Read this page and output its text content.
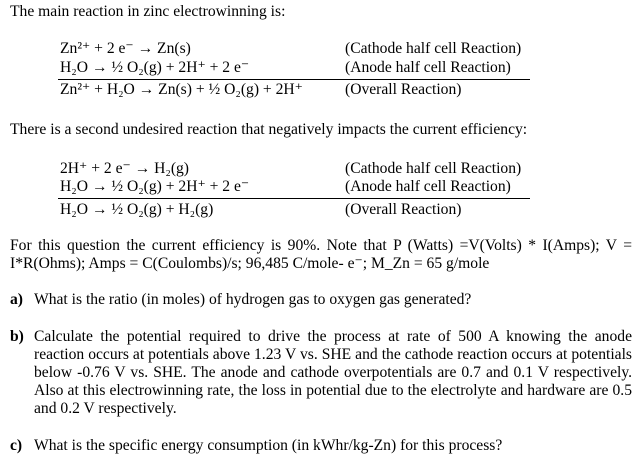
The main reaction in zinc electrowinning is:
Zn²⁺ + 2 e⁻ → Zn(s)	(Cathode half cell Reaction)
H₂O → ½ O₂(g) + 2H⁺ + 2 e⁻	(Anode half cell Reaction)
Zn²⁺ + H₂O → Zn(s) + ½ O₂(g) + 2H⁺	(Overall Reaction)
There is a second undesired reaction that negatively impacts the current efficiency:
2H⁺ + 2 e⁻ → H₂(g)	(Cathode half cell Reaction)
H₂O → ½ O₂(g) + 2H⁺ + 2 e⁻	(Anode half cell Reaction)
H₂O → ½ O₂(g) + H₂(g)	(Overall Reaction)
For this question the current efficiency is 90%. Note that P (Watts) =V(Volts) * I(Amps); V = I*R(Ohms); Amps = C(Coulombs)/s; 96,485 C/mole- e⁻; M_Zn = 65 g/mole
a) What is the ratio (in moles) of hydrogen gas to oxygen gas generated?
b) Calculate the potential required to drive the process at rate of 500 A knowing the anode reaction occurs at potentials above 1.23 V vs. SHE and the cathode reaction occurs at potentials below -0.76 V vs. SHE. The anode and cathode overpotentials are 0.7 and 0.1 V respectively. Also at this electrowinning rate, the loss in potential due to the electrolyte and hardware are 0.5 and 0.2 V respectively.
c) What is the specific energy consumption (in kWhr/kg-Zn) for this process?
